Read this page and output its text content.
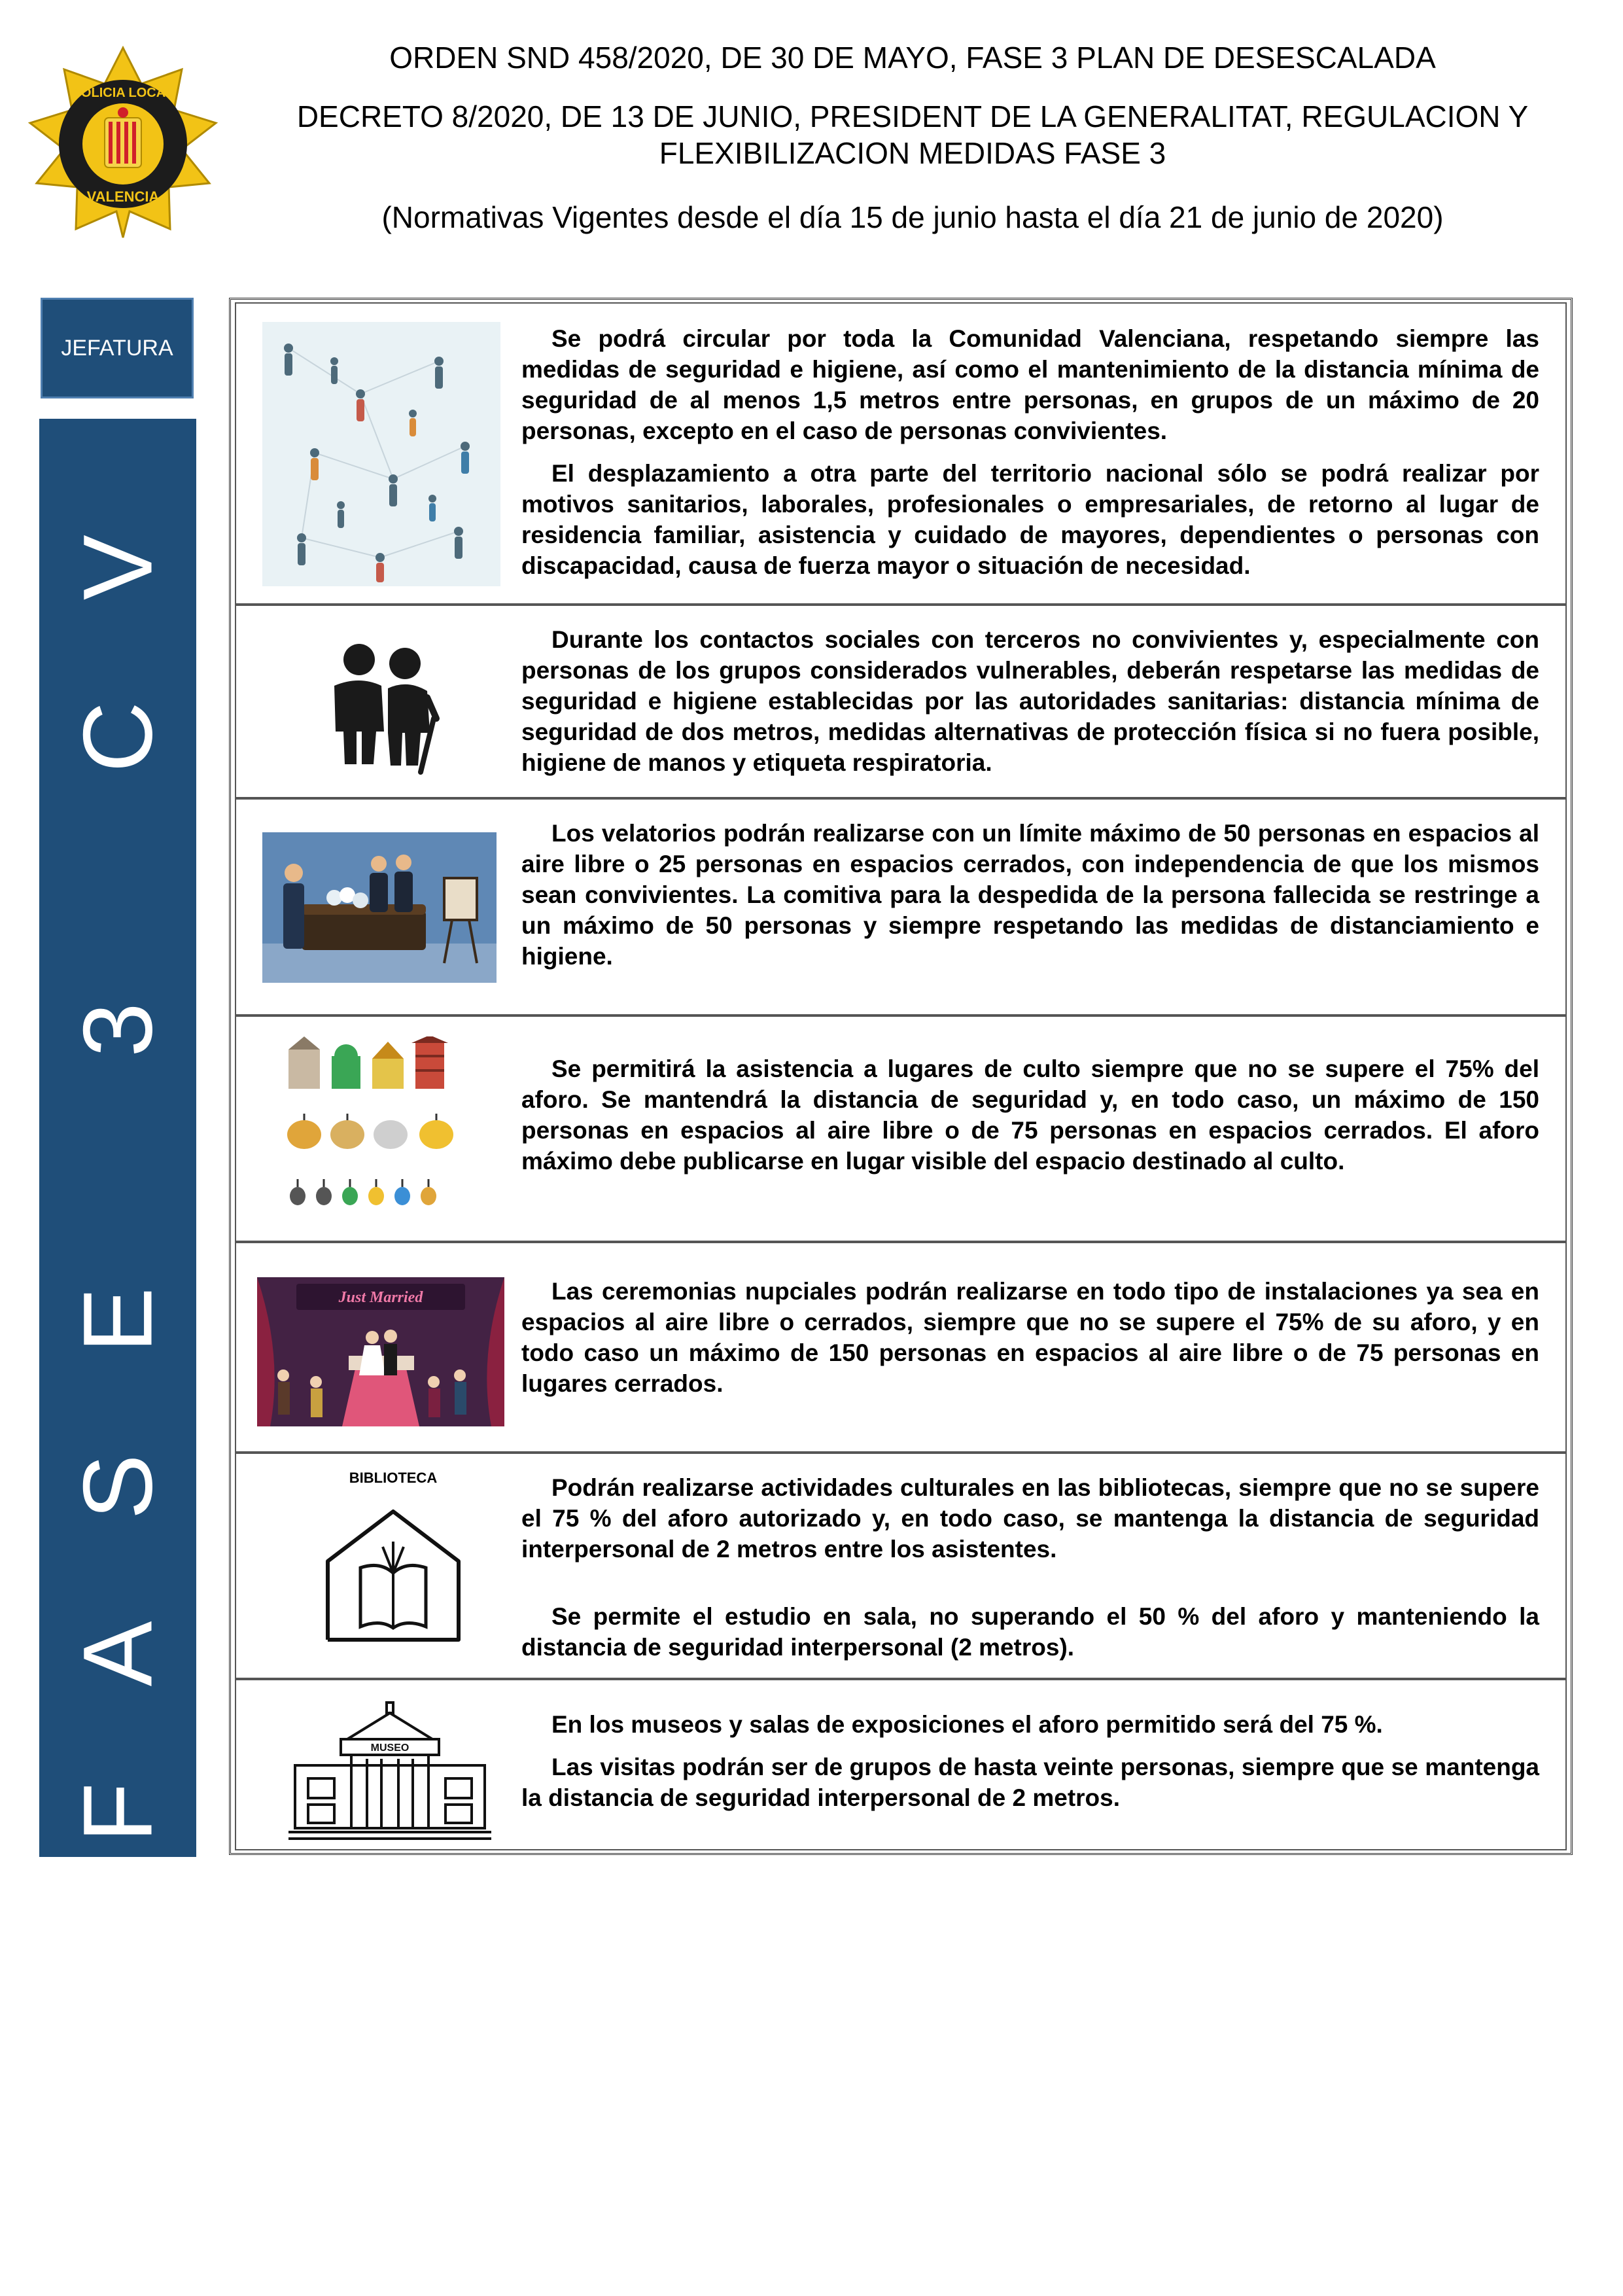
POLICIA LOCAL
VALENCIA

ORDEN SND 458/2020, DE 30 DE MAYO, FASE 3 PLAN DE DESESCALADA

DECRETO 8/2020, DE 13 DE JUNIO, PRESIDENT DE LA GENERALITAT, REGULACION Y

FLEXIBILIZACION MEDIDAS FASE 3

(Normativas Vigentes desde el día 15 de junio hasta el día 21 de junio de 2020)

JEFATURA
FASE 3 CV

Se podrá circular por toda la Comunidad Valenciana, respetando siempre las medidas de seguridad e higiene, así como el mantenimiento de la distancia mínima de seguridad de al menos 1,5 metros entre personas, en grupos de un máximo de 20 personas, excepto en el caso de personas convivientes.

El desplazamiento a otra parte del territorio nacional sólo se podrá realizar por motivos sanitarios, laborales, profesionales o empresariales, de retorno al lugar de residencia familiar, asistencia y cuidado de mayores, dependientes o personas con discapacidad, causa de fuerza mayor o situación de necesidad.

Durante los contactos sociales con terceros no convivientes y, especialmente con personas de los grupos considerados vulnerables, deberán respetarse las medidas de seguridad e higiene establecidas por las autoridades sanitarias: distancia mínima de seguridad de dos metros, medidas alternativas de protección física si no fuera posible, higiene de manos y etiqueta respiratoria.

Los velatorios podrán realizarse con un límite máximo de 50 personas en espacios al aire libre o 25 personas en espacios cerrados, con independencia de que los mismos sean convivientes. La comitiva para la despedida de la persona fallecida se restringe a un máximo de 50 personas y siempre respetando las medidas de distanciamiento e higiene.

Se permitirá la asistencia a lugares de culto siempre que no se supere el 75% del aforo. Se mantendrá la distancia de seguridad y, en todo caso, un máximo de 150 personas en espacios al aire libre o de 75 personas en espacios cerrados. El aforo máximo debe publicarse en lugar visible del espacio destinado al culto.

Just Married	Las ceremonias nupciales podrán realizarse en todo tipo de instalaciones ya sea en espacios al aire libre o cerrados, siempre que no se supere el 75% de su aforo, y en todo caso un máximo de 150 personas en espacios al aire libre o de 75 personas en lugares cerrados.

BIBLIOTECA	Podrán realizarse actividades culturales en las bibliotecas, siempre que no se supere el 75 % del aforo autorizado y, en todo caso, se mantenga la distancia de seguridad interpersonal de 2 metros entre los asistentes.

Se permite el estudio en sala, no superando el 50 % del aforo y manteniendo la distancia de seguridad interpersonal (2 metros).

MUSEO

En los museos y salas de exposiciones el aforo permitido será del 75 %.

Las visitas podrán ser de grupos de hasta veinte personas, siempre que se mantenga la distancia de seguridad interpersonal de 2 metros.
